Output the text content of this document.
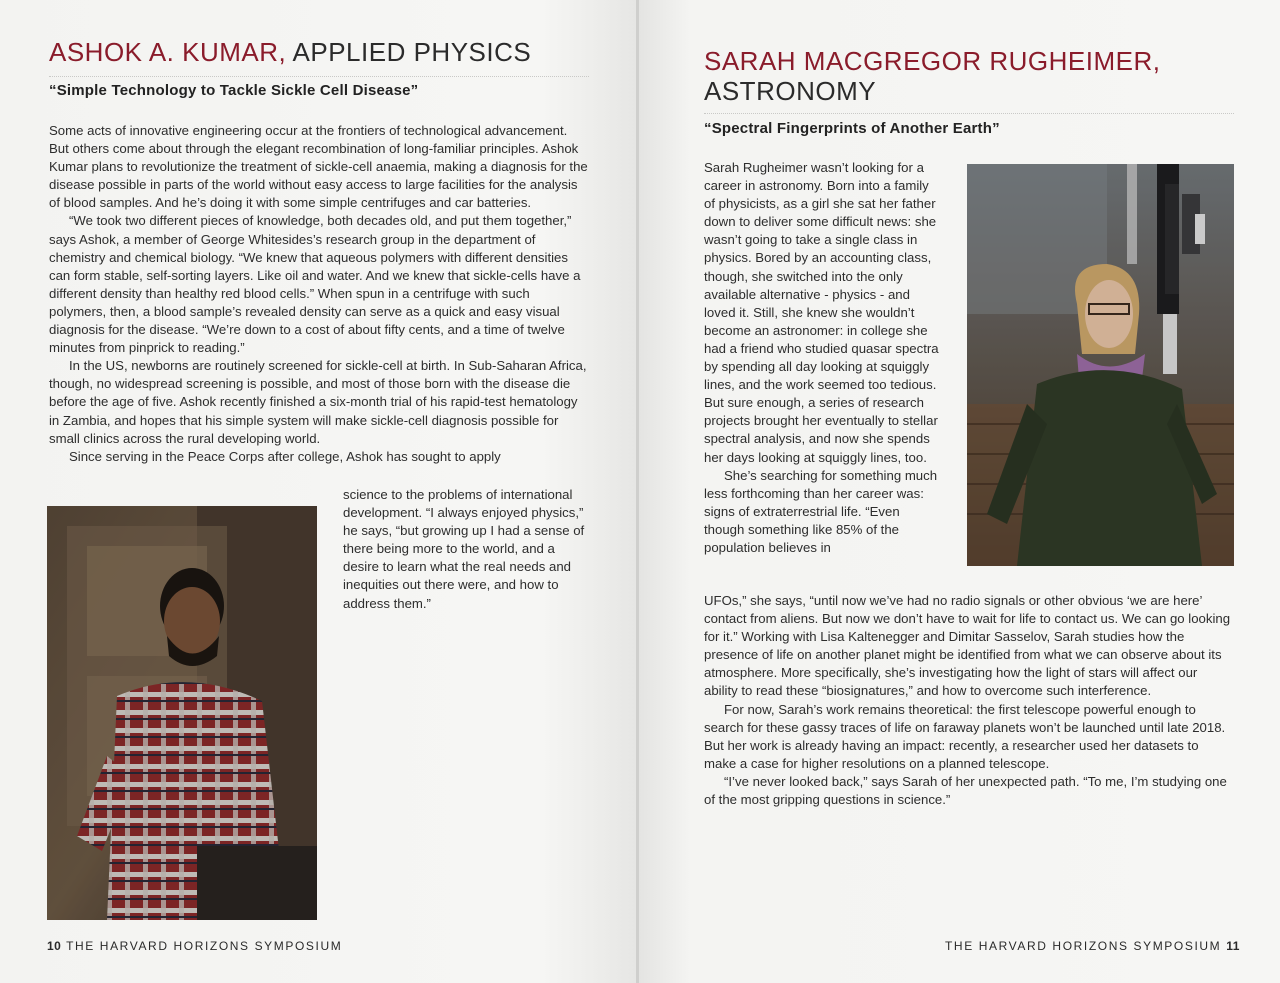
ASHOK A. KUMAR, APPLIED PHYSICS
“Simple Technology to Tackle Sickle Cell Disease”

Some acts of innovative engineering occur at the frontiers of technological advancement. But others come about through the elegant recombination of long-familiar principles. Ashok Kumar plans to revolutionize the treatment of sickle-cell anaemia, making a diagnosis for the disease possible in parts of the world without easy access to large facilities for the analysis of blood samples. And he’s doing it with some simple centrifuges and car batteries.

“We took two different pieces of knowledge, both decades old, and put them together,” says Ashok, a member of George Whitesides’s research group in the department of chemistry and chemical biology. “We knew that aqueous polymers with different densities can form stable, self-sorting layers. Like oil and water. And we knew that sickle-cells have a different density than healthy red blood cells.” When spun in a centrifuge with such polymers, then, a blood sample’s revealed density can serve as a quick and easy visual diagnosis for the disease. “We’re down to a cost of about fifty cents, and a time of twelve minutes from pinprick to reading.”

In the US, newborns are routinely screened for sickle-cell at birth. In Sub-Saharan Africa, though, no widespread screening is possible, and most of those born with the disease die before the age of five. Ashok recently finished a six-month trial of his rapid-test hematology in Zambia, and hopes that his simple system will make sickle-cell diagnosis possible for small clinics across the rural developing world.

Since serving in the Peace Corps after college, Ashok has sought to apply

science to the problems of international development. “I always enjoyed physics,” he says, “but growing up I had a sense of there being more to the world, and a desire to learn what the real needs and inequities out there were, and how to address them.”

10 THE HARVARD HORIZONS SYMPOSIUM
SARAH MACGREGOR RUGHEIMER,
ASTRONOMY
“Spectral Fingerprints of Another Earth”

Sarah Rugheimer wasn’t looking for a career in astronomy. Born into a family of physicists, as a girl she sat her father down to deliver some difficult news: she wasn’t going to take a single class in physics. Bored by an accounting class, though, she switched into the only available alternative - physics - and loved it. Still, she knew she wouldn’t become an astronomer: in college she had a friend who studied quasar spectra by spending all day looking at squiggly lines, and the work seemed too tedious. But sure enough, a series of research projects brought her eventually to stellar spectral analysis, and now she spends her days looking at squiggly lines, too.

She’s searching for something much less forthcoming than her career was: signs of extraterrestrial life. “Even though something like 85% of the population believes in

UFOs,” she says, “until now we’ve had no radio signals or other obvious ‘we are here’ contact from aliens. But now we don’t have to wait for life to contact us. We can go looking for it.” Working with Lisa Kaltenegger and Dimitar Sasselov, Sarah studies how the presence of life on another planet might be identified from what we can observe about its atmosphere. More specifically, she’s investigating how the light of stars will affect our ability to read these “biosignatures,” and how to overcome such interference.

For now, Sarah’s work remains theoretical: the first telescope powerful enough to search for these gassy traces of life on faraway planets won’t be launched until late 2018. But her work is already having an impact: recently, a researcher used her datasets to make a case for higher resolutions on a planned telescope.

“I’ve never looked back,” says Sarah of her unexpected path. “To me, I’m studying one of the most gripping questions in science.”

THE HARVARD HORIZONS SYMPOSIUM 11
